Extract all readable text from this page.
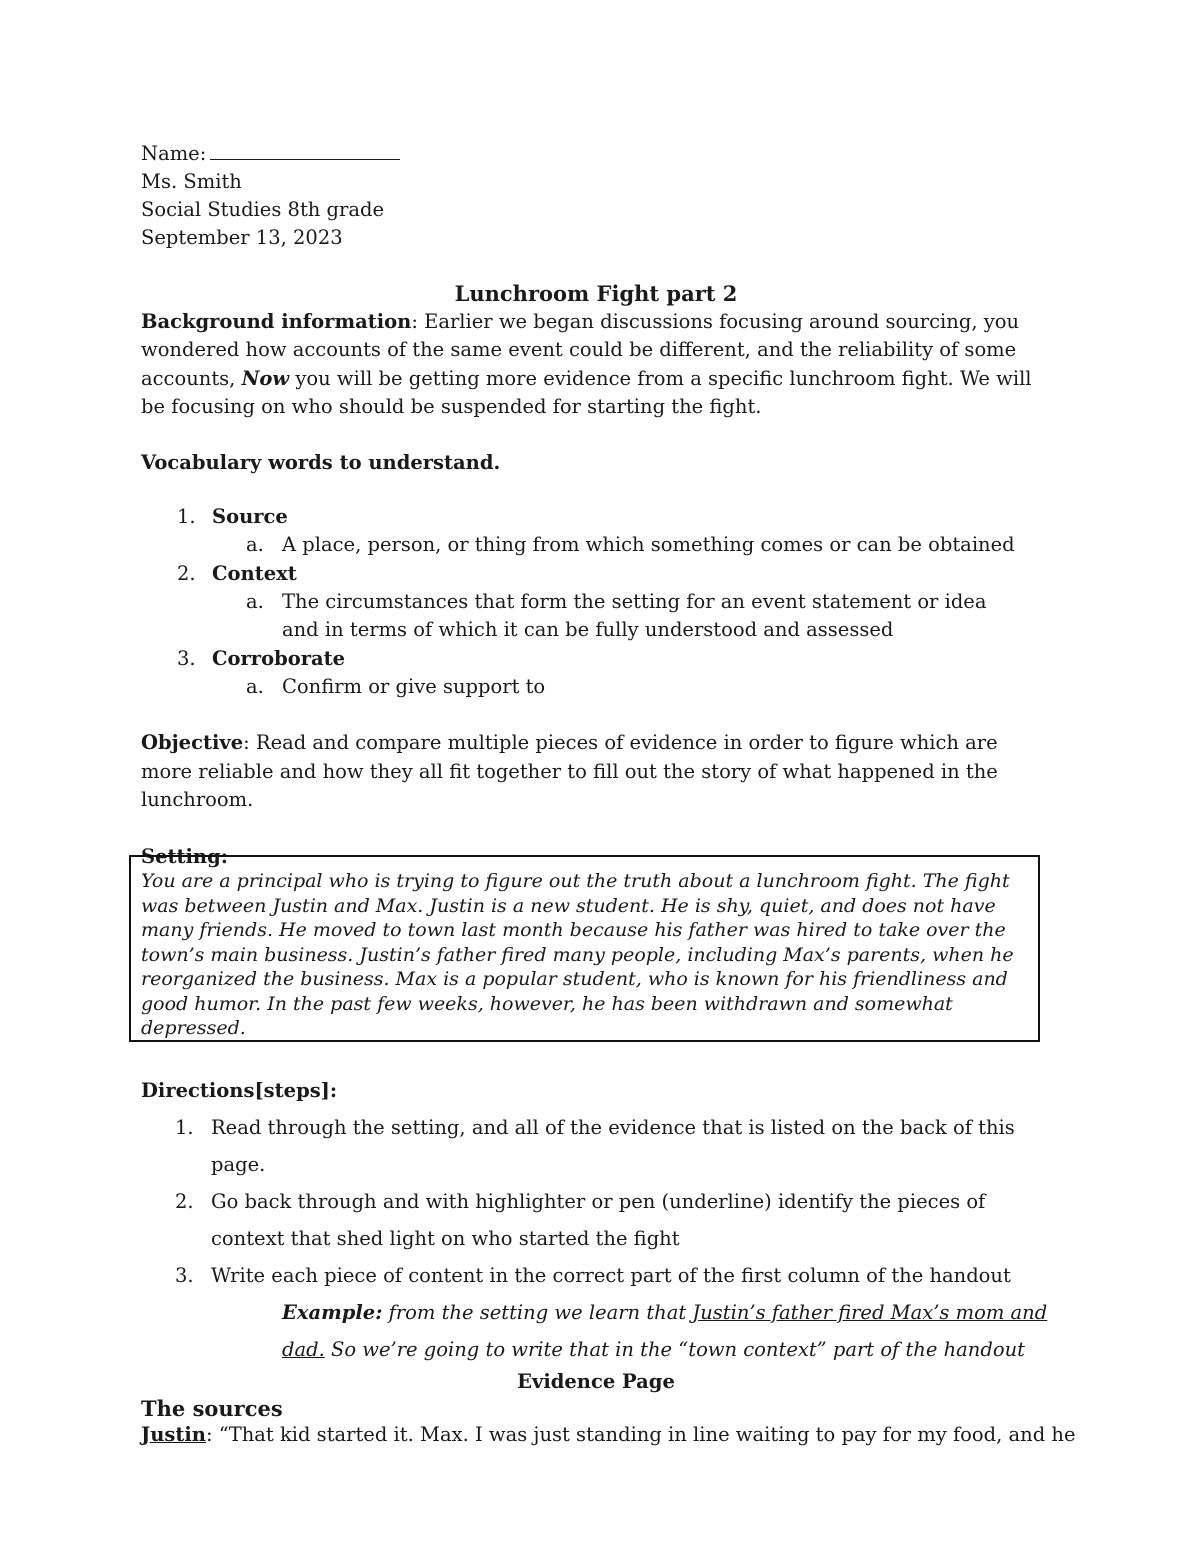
Name:

Ms. Smith

Social Studies 8th grade

September 13, 2023

Lunchroom Fight part 2

Background information: Earlier we began discussions focusing around sourcing, you wondered how accounts of the same event could be different, and the reliability of some accounts, Now you will be getting more evidence from a specific lunchroom fight. We will be focusing on who should be suspended for starting the fight.

Vocabulary words to understand.

1. Source
a. A place, person, or thing from which something comes or can be obtained
2. Context
a. The circumstances that form the setting for an event statement or idea and in terms of which it can be fully understood and assessed
3. Corroborate
a. Confirm or give support to

Objective: Read and compare multiple pieces of evidence in order to figure which are more reliable and how they all fit together to fill out the story of what happened in the lunchroom.

Setting:

You are a principal who is trying to figure out the truth about a lunchroom fight. The fight was between Justin and Max. Justin is a new student. He is shy, quiet, and does not have many friends. He moved to town last month because his father was hired to take over the town’s main business. Justin’s father fired many people, including Max’s parents, when he reorganized the business. Max is a popular student, who is known for his friendliness and good humor. In the past few weeks, however, he has been withdrawn and somewhat depressed.

Directions[steps]:

1. Read through the setting, and all of the evidence that is listed on the back of this page.
2. Go back through and with highlighter or pen (underline) identify the pieces of context that shed light on who started the fight
3. Write each piece of content in the correct part of the first column of the handout

Example: from the setting we learn that Justin’s father fired Max’s mom and dad. So we’re going to write that in the “town context” part of the handout

Evidence Page
The sources

Justin: “That kid started it. Max. I was just standing in line waiting to pay for my food, and he
